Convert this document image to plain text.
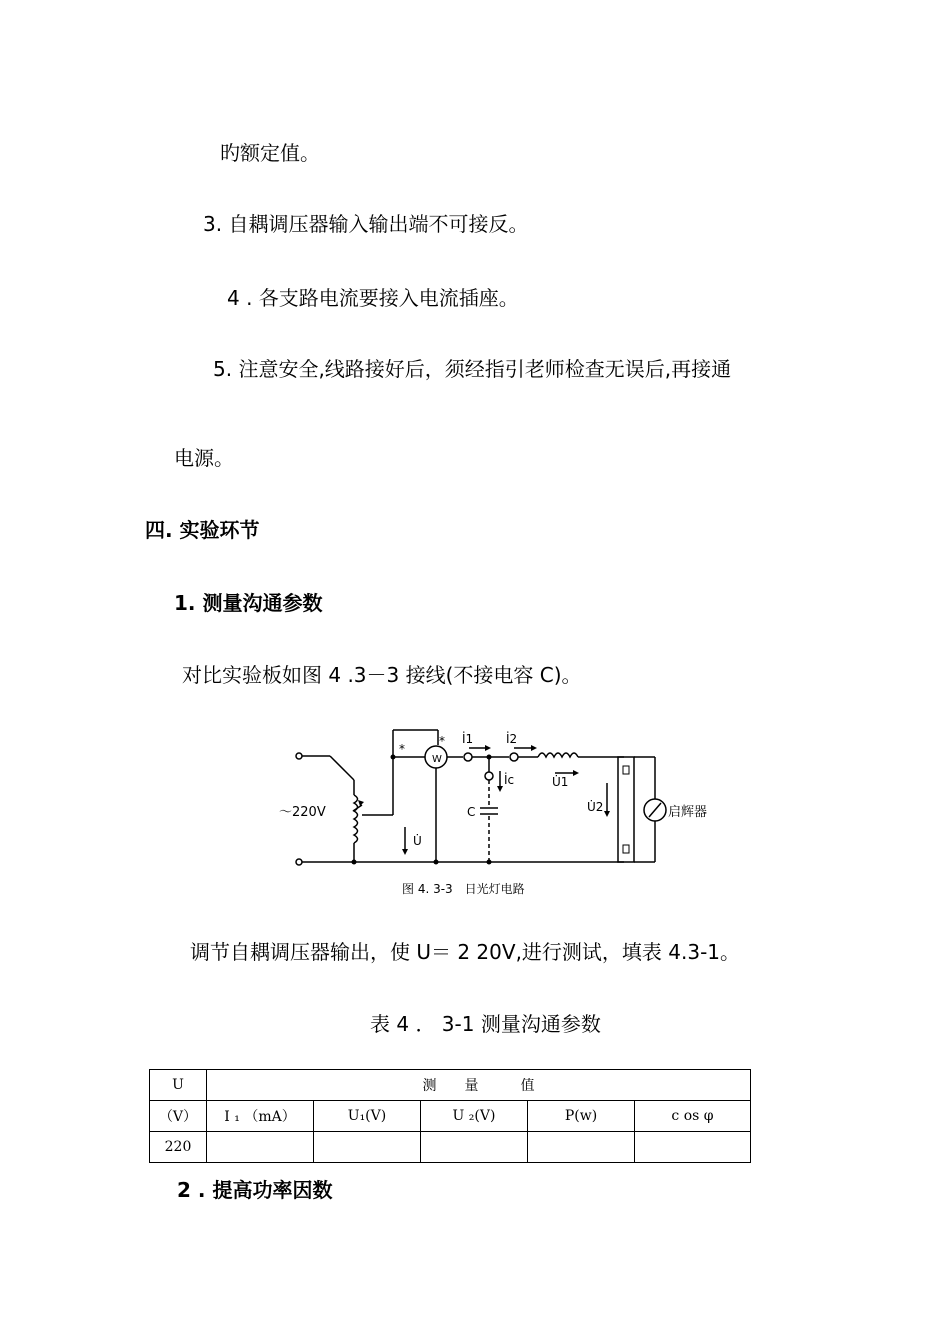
旳额定值。
3. 自耦调压器输入输出端不可接反。
4 . 各支路电流要接入电流插座。
5. 注意安全,线路接好后，须经指引老师检查无误后,再接通
电源。
四. 实验环节
1. 测量沟通参数
对比实验板如图 4 .3－3 接线(不接电容 C)。
～220V
U̇
W
*
* İ1	İ2
İc	U̇1
U̇2
C	启辉器
图 4. 3-3　日光灯电路
调节自耦调压器输出，使 U＝ 2 20V,进行测试，填表 4.3-1。
表 4 ． 3-1 测量沟通参数
U	测　　量　　　值				
（V）	I ₁ （mA）	U₁(V)	U ₂(V)	P(w)	c os φ
220					
2 . 提高功率因数
